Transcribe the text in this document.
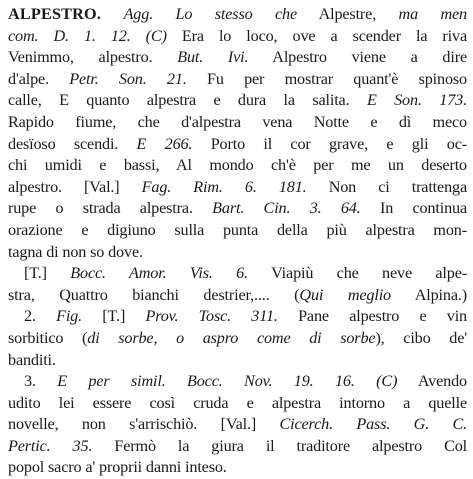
ALPESTRO. Agg. Lo stesso che Alpestre, ma men
com. D. 1. 12. (C) Era lo loco, ove a scender la riva
Venimmo, alpestro. But. Ivi. Alpestro viene a dire
d'alpe. Petr. Son. 21. Fu per mostrar quant'è spinoso
calle, E quanto alpestra e dura la salita. E Son. 173.
Rapido fiume, che d'alpestra vena Notte e dì meco
desïoso scendi. E 266. Porto il cor grave, e gli oc-
chi umidi e bassi, Al mondo ch'è per me un deserto
alpestro. [Val.] Fag. Rim. 6. 181. Non ci trattenga
rupe o strada alpestra. Bart. Cin. 3. 64. In continua
orazione e digiuno sulla punta della più alpestra mon-
tagna di non so dove.
[T.] Bocc. Amor. Vis. 6. Viapiù che neve alpe-
stra, Quattro bianchi destrier,.... (Qui meglio Alpina.)
2. Fig. [T.] Prov. Tosc. 311. Pane alpestro e vin
sorbitico (di sorbe, o aspro come di sorbe), cibo de'
banditi.
3. E per simil. Bocc. Nov. 19. 16. (C) Avendo
udito lei essere così cruda e alpestra intorno a quelle
novelle, non s'arrischiò. [Val.] Cicerch. Pass. G. C.
Pertic. 35. Fermò la giura il traditore alpestro Col
popol sacro a' proprii danni inteso.
